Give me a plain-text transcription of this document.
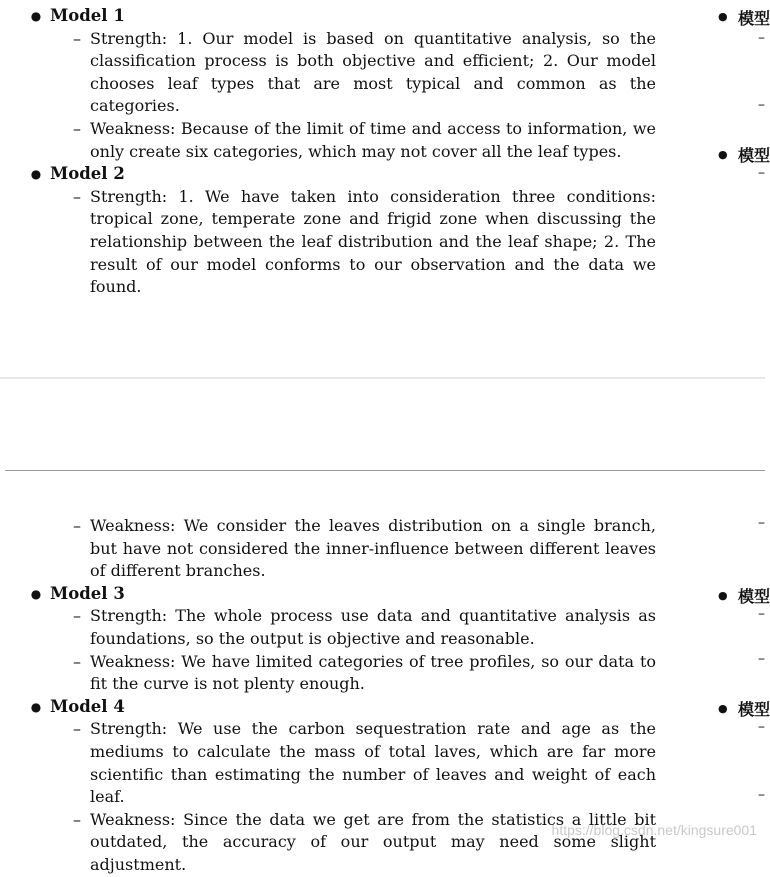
● Model 1
– Strength: 1. Our model is based on quantitative analysis, so the classification process is both objective and efficient; 2. Our model chooses leaf types that are most typical and common as the categories.
– Weakness: Because of the limit of time and access to information, we only create six categories, which may not cover all the leaf types.
● Model 2
– Strength: 1. We have taken into consideration three conditions: tropical zone, temperate zone and frigid zone when discussing the relationship between the leaf distribution and the leaf shape; 2. The result of our model conforms to our observation and the data we found.
– Weakness: We consider the leaves distribution on a single branch, but have not considered the inner-influence between different leaves of different branches.
● Model 3
– Strength: The whole process use data and quantitative analysis as foundations, so the output is objective and reasonable.
– Weakness: We have limited categories of tree profiles, so our data to fit the curve is not plenty enough.
● Model 4
– Strength: We use the carbon sequestration rate and age as the mediums to calculate the mass of total laves, which are far more scientific than estimating the number of leaves and weight of each leaf.
– Weakness: Since the data we get are from the statistics a little bit outdated, the accuracy of our output may need some slight adjustment.
● 模型
–
–
● 模型
–
–
● 模型
–
–
● 模型
–
–
https://blog.csdn.net/kingsure001
